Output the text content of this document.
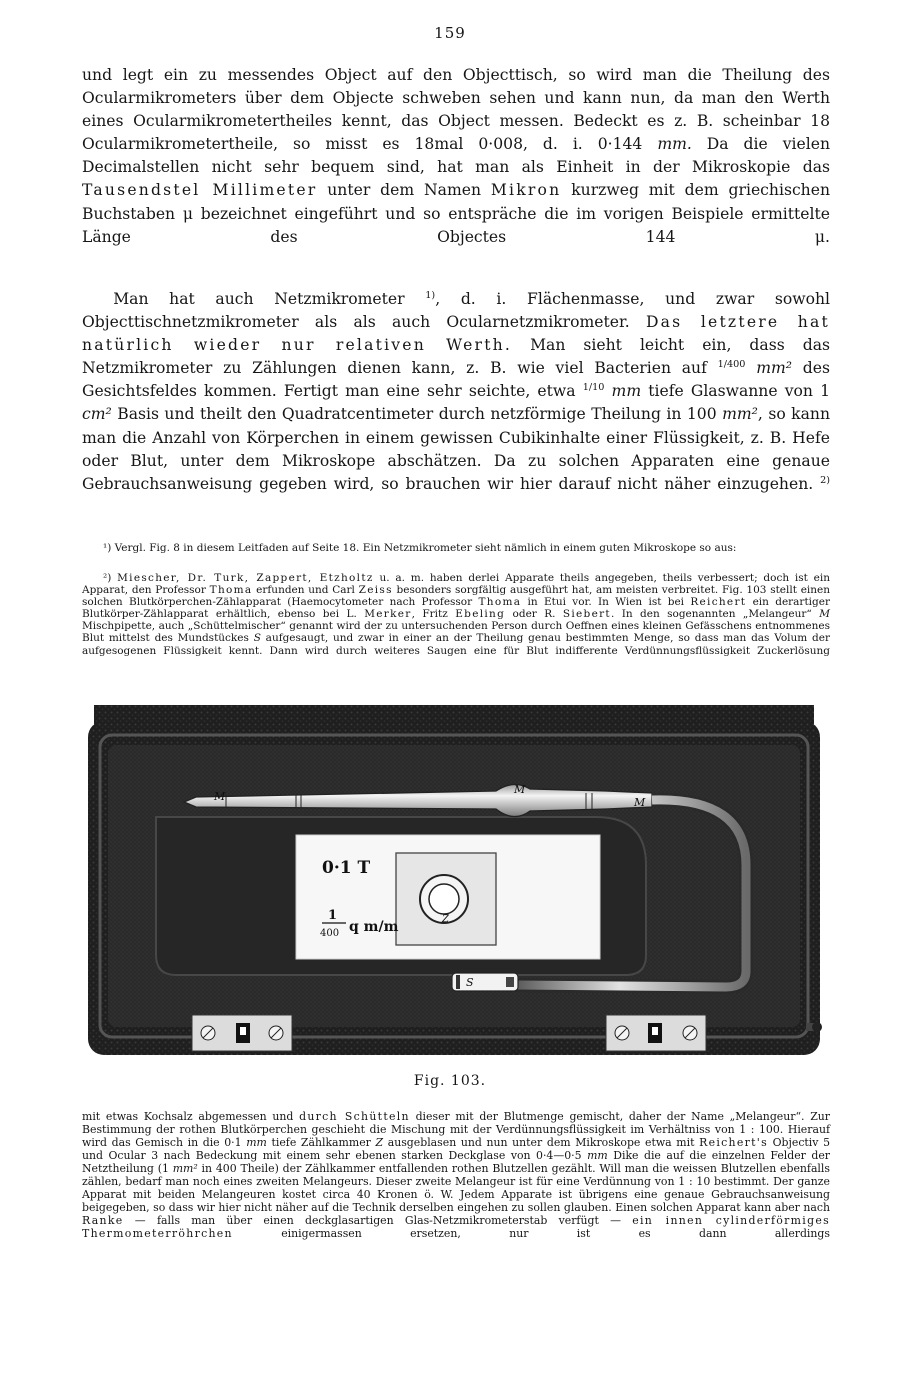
159
und legt ein zu messendes Object auf den Objecttisch, so wird man die Theilung des Ocularmikrometers über dem Objecte schweben sehen und kann nun, da man den Werth eines Ocularmikrometertheiles kennt, das Object messen. Bedeckt es z. B. scheinbar 18 Ocularmikrometertheile, so misst es 18mal 0·008, d. i. 0·144 mm. Da die vielen Decimalstellen nicht sehr bequem sind, hat man als Einheit in der Mikroskopie das Tausendstel Millimeter unter dem Namen Mikron kurzweg mit dem griechischen Buchstaben μ bezeichnet eingeführt und so entspräche die im vorigen Beispiele ermittelte Länge des Objectes 144 μ.
  Man hat auch Netzmikrometer $^{1)}$, d. i. Flächenmasse, und zwar sowohl Objecttischnetzmikrometer als als auch Ocularnetzmikrometer. Das letztere hat natürlich wieder nur relativen Werth. Man sieht leicht ein, dass das Netzmikrometer zu Zählungen dienen kann, z. B. wie viel Bacterien auf $^{1/400}$ mm² des Gesichtsfeldes kommen. Fertigt man eine sehr seichte, etwa $^{1/10}$ mm tiefe Glaswanne von 1 cm² Basis und theilt den Quadratcentimeter durch netzförmige Theilung in 100 mm², so kann man die Anzahl von Körperchen in einem gewissen Cubikinhalte einer Flüssigkeit, z. B. Hefe oder Blut, unter dem Mikroskope abschätzen. Da zu solchen Apparaten eine genaue Gebrauchsanweisung gegeben wird, so brauchen wir hier darauf nicht näher einzugehen. $^{2)}$
  ¹) Vergl. Fig. 8 in diesem Leitfaden auf Seite 18. Ein Netzmikrometer sieht nämlich in einem guten Mikroskope so aus:
  ²) Miescher, Dr. Turk, Zappert, Etzholtz u. a. m. haben derlei Apparate theils angegeben, theils verbessert; doch ist ein Apparat, den Professor Thoma erfunden und Carl Zeiss besonders sorgfältig ausgeführt hat, am meisten verbreitet. Fig. 103 stellt einen solchen Blutkörperchen-Zählapparat (Haemocytometer nach Professor Thoma in Etui vor. In Wien ist bei Reichert ein derartiger Blutkörper-Zählapparat erhältlich, ebenso bei L. Merker, Fritz Ebeling oder R. Siebert. In den sogenannten „Melangeur“ M Mischpipette, auch „Schüttelmischer“ genannt wird der zu untersuchenden Person durch Oeffnen eines kleinen Gefässchens entnommenes Blut mittelst des Mundstückes S aufgesaugt, und zwar in einer an der Theilung genau bestimmten Menge, so dass man das Volum der aufgesogenen Flüssigkeit kennt. Dann wird durch weiteres Saugen eine für Blut indifferente Verdünnungsflüssigkeit Zuckerlösung
M
M
M
S
Z
0·1 T
1
400 q m/m
Fig. 103.
mit etwas Kochsalz abgemessen und durch Schütteln dieser mit der Blutmenge gemischt, daher der Name „Melangeur“. Zur Bestimmung der rothen Blutkörperchen geschieht die Mischung mit der Verdünnungsflüssigkeit im Verhältniss von 1 : 100. Hierauf wird das Gemisch in die 0·1 mm tiefe Zählkammer Z ausgeblasen und nun unter dem Mikroskope etwa mit Reichert's Objectiv 5 und Ocular 3 nach Bedeckung mit einem sehr ebenen starken Deckglase von 0·4—0·5 mm Dike die auf die einzelnen Felder der Netztheilung (1 mm² in 400 Theile) der Zählkammer entfallenden rothen Blutzellen gezählt. Will man die weissen Blutzellen ebenfalls zählen, bedarf man noch eines zweiten Melangeurs. Dieser zweite Melangeur ist für eine Verdünnung von 1 : 10 bestimmt. Der ganze Apparat mit beiden Melangeuren kostet circa 40 Kronen ö. W. Jedem Apparate ist übrigens eine genaue Gebrauchsanweisung beigegeben, so dass wir hier nicht näher auf die Technik derselben eingehen zu sollen glauben. Einen solchen Apparat kann aber nach Ranke — falls man über einen deckglasartigen Glas-Netzmikrometerstab verfügt — ein innen cylinderförmiges Thermometerröhrchen einigermassen ersetzen, nur ist es dann allerdings
